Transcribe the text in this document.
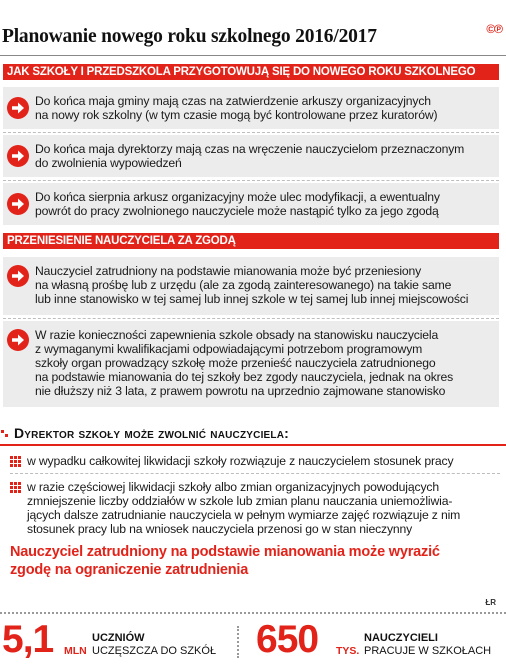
Planowanie nowego roku szkolnego 2016/2017	©℗
JAK SZKOŁY I PRZEDSZKOLA PRZYGOTOWUJĄ SIĘ DO NOWEGO ROKU SZKOLNEGO
Do końca maja gminy mają czas na zatwierdzenie arkuszy organizacyjnych
na nowy rok szkolny (w tym czasie mogą być kontrolowane przez kuratorów)
Do końca maja dyrektorzy mają czas na wręczenie nauczycielom przeznaczonym
do zwolnienia wypowiedzeń
Do końca sierpnia arkusz organizacyjny może ulec modyfikacji, a ewentualny
powrót do pracy zwolnionego nauczyciele może nastąpić tylko za jego zgodą
PRZENIESIENIE NAUCZYCIELA ZA ZGODĄ
Nauczyciel zatrudniony na podstawie mianowania może być przeniesiony
na własną prośbę lub z urzędu (ale za zgodą zainteresowanego) na takie same
lub inne stanowisko w tej samej lub innej szkole w tej samej lub innej miejscowości
W razie konieczności zapewnienia szkole obsady na stanowisku nauczyciela
z wymaganymi kwalifikacjami odpowiadającymi potrzebom programowym
szkoły organ prowadzący szkołę może przenieść nauczyciela zatrudnionego
na podstawie mianowania do tej szkoły bez zgody nauczyciela, jednak na okres
nie dłuższy niż 3 lata, z prawem powrotu na uprzednio zajmowane stanowisko
Dyrektor szkoły może zwolnić nauczyciela:
w wypadku całkowitej likwidacji szkoły rozwiązuje z nauczycielem stosunek pracy
w razie częściowej likwidacji szkoły albo zmian organizacyjnych powodujących
zmniejszenie liczby oddziałów w szkole lub zmian planu nauczania uniemożliwia-
jących dalsze zatrudnianie nauczyciela w pełnym wymiarze zajęć rozwiązuje z nim
stosunek pracy lub na wniosek nauczyciela przenosi go w stan nieczynny
Nauczyciel zatrudniony na podstawie mianowania może wyrazić
zgodę na ograniczenie zatrudnienia
ŁR
5,1 MLN
UCZNIÓW
UCZĘSZCZA DO SZKÓŁ 650 TYS.
NAUCZYCIELI
PRACUJE W SZKOŁACH
